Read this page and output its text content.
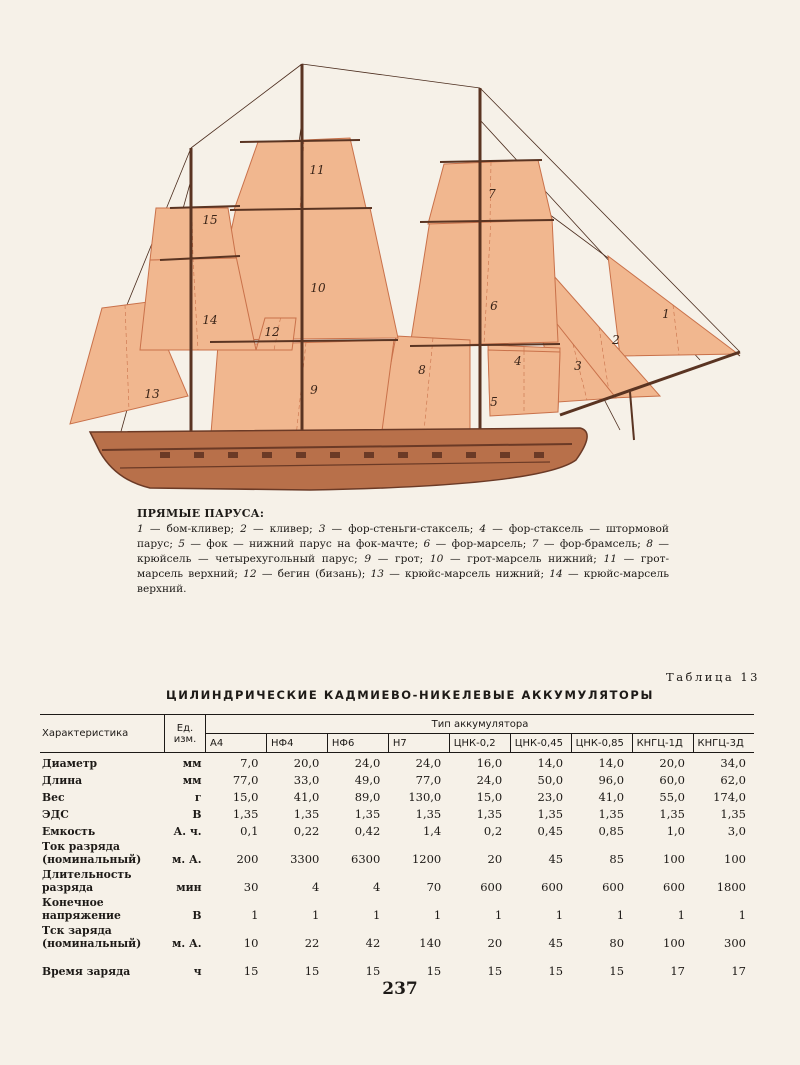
1
2
3
4
5
6
7
8
9
10
11
12
13
14
15
ПРЯМЫЕ ПАРУСА:
1 — бом-кливер; 2 — кливер; 3 — фор-стеньги-стаксель; 4 — фор-стаксель — штормовой парус; 5 — фок — нижний парус на фок-мачте; 6 — фор-марсель; 7 — фор-брамсель; 8 — крюйсель — четырехугольный парус; 9 — грот; 10 — грот-марсель нижний; 11 — грот-марсель верхний; 12 — бегин (бизань); 13 — крюйс-марсель нижний; 14 — крюйс-марсель верхний.
Таблица 13
ЦИЛИНДРИЧЕСКИЕ КАДМИЕВО-НИКЕЛЕВЫЕ АККУМУЛЯТОРЫ
Характеристика	Ед. изм.	Тип аккумулятора								
		А4	НФ4	НФ6	Н7	ЦНК-0,2	ЦНК-0,45	ЦНК-0,85	КНГЦ-1Д	КНГЦ-3Д
Диаметр	мм	7,0	20,0	24,0	24,0	16,0	14,0	14,0	20,0	34,0
Длина	мм	77,0	33,0	49,0	77,0	24,0	50,0	96,0	60,0	62,0
Вес	г	15,0	41,0	89,0	130,0	15,0	23,0	41,0	55,0	174,0
ЭДС	В	1,35	1,35	1,35	1,35	1,35	1,35	1,35	1,35	1,35
Емкость	А. ч.	0,1	0,22	0,42	1,4	0,2	0,45	0,85	1,0	3,0
Ток разряда (номинальный)	м. А.	200	3300	6300	1200	20	45	85	100	100
Длительность разряда	мин	30	4	4	70	600	600	600	600	1800
Конечное напряжение	В	1	1	1	1	1	1	1	1	1
Тск заряда (номинальный)	м. А.	10	22	42	140	20	45	80	100	300
Время заряда	ч	15	15	15	15	15	15	15	17	17
237
